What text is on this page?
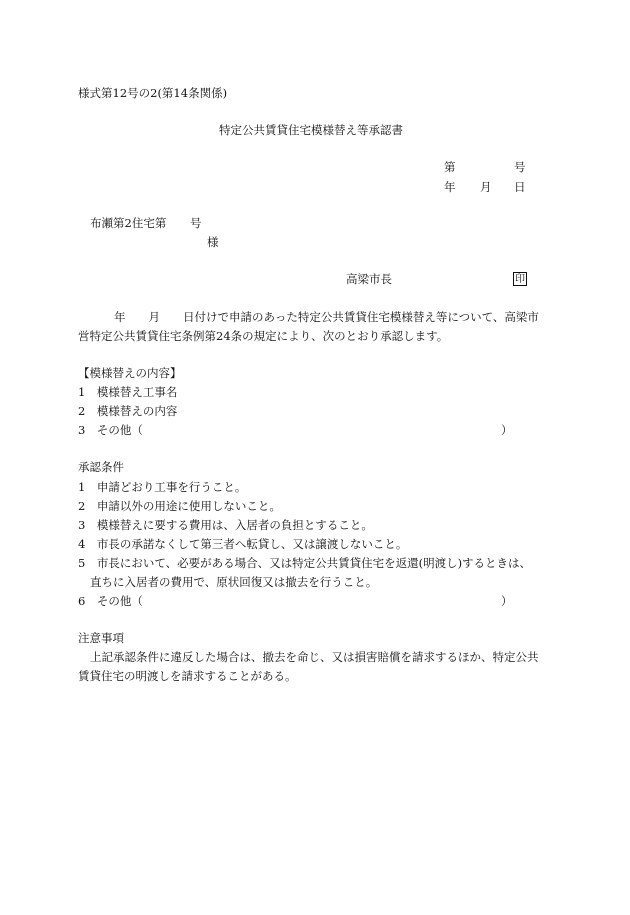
様式第12号の2(第14条関係)
特定公共賃貸住宅模様替え等承認書
第	号
年 月 日
布瀬第2住宅第 号
様
高梁市長	印
年　　月　　日付けで申請のあった特定公共賃貸住宅模様替え等について、高梁市
営特定公共賃貸住宅条例第24条の規定により、次のとおり承認します。
【模様替えの内容】
1　模様替え工事名
2　模様替えの内容
3　その他（	）
承認条件
1　申請どおり工事を行うこと。
2　申請以外の用途に使用しないこと。
3　模様替えに要する費用は、入居者の負担とすること。
4　市長の承諾なくして第三者へ転貸し、又は譲渡しないこと。
5　市長において、必要がある場合、又は特定公共賃貸住宅を返還(明渡し)するときは、
直ちに入居者の費用で、原状回復又は撤去を行うこと。
6　その他（	）
注意事項
上記承認条件に違反した場合は、撤去を命じ、又は損害賠償を請求するほか、特定公共
賃貸住宅の明渡しを請求することがある。
